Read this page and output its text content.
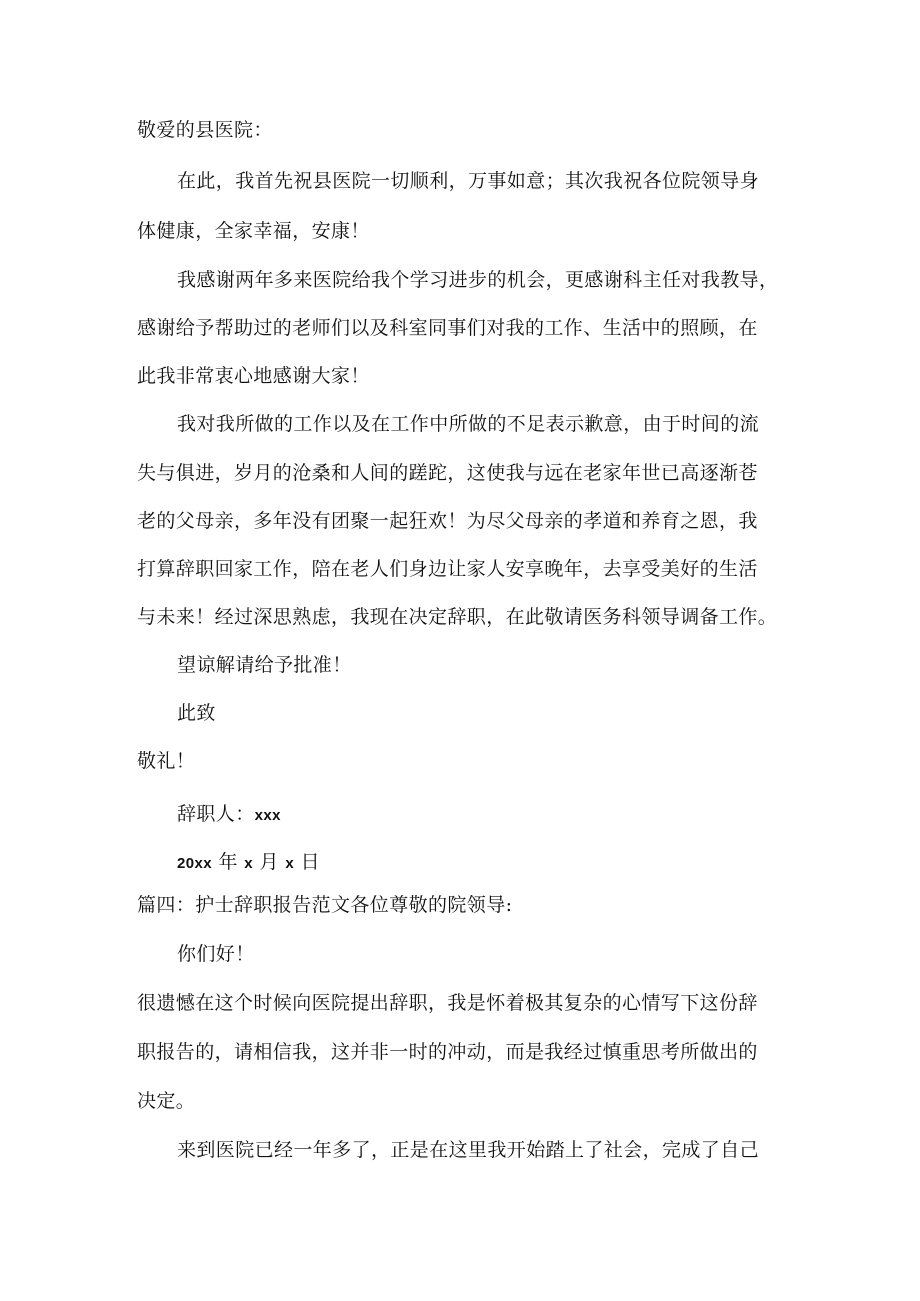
敬爱的县医院：
在此，我首先祝县医院一切顺利，万事如意；其次我祝各位院领导身
体健康，全家幸福，安康！
我感谢两年多来医院给我个学习进步的机会，更感谢科主任对我教导，
感谢给予帮助过的老师们以及科室同事们对我的工作、生活中的照顾，在
此我非常衷心地感谢大家！
我对我所做的工作以及在工作中所做的不足表示歉意，由于时间的流
失与俱进，岁月的沧桑和人间的蹉跎，这使我与远在老家年世已高逐渐苍
老的父母亲，多年没有团聚一起狂欢！为尽父母亲的孝道和养育之恩，我
打算辞职回家工作，陪在老人们身边让家人安享晚年，去享受美好的生活
与未来！经过深思熟虑，我现在决定辞职，在此敬请医务科领导调备工作。
望谅解请给予批准！
此致
敬礼！
辞职人：xxx
20xx 年 x 月 x 日
篇四：护士辞职报告范文各位尊敬的院领导:
你们好！
很遗憾在这个时候向医院提出辞职，我是怀着极其复杂的心情写下这份辞
职报告的，请相信我，这并非一时的冲动，而是我经过慎重思考所做出的
决定。
来到医院已经一年多了，正是在这里我开始踏上了社会，完成了自己
